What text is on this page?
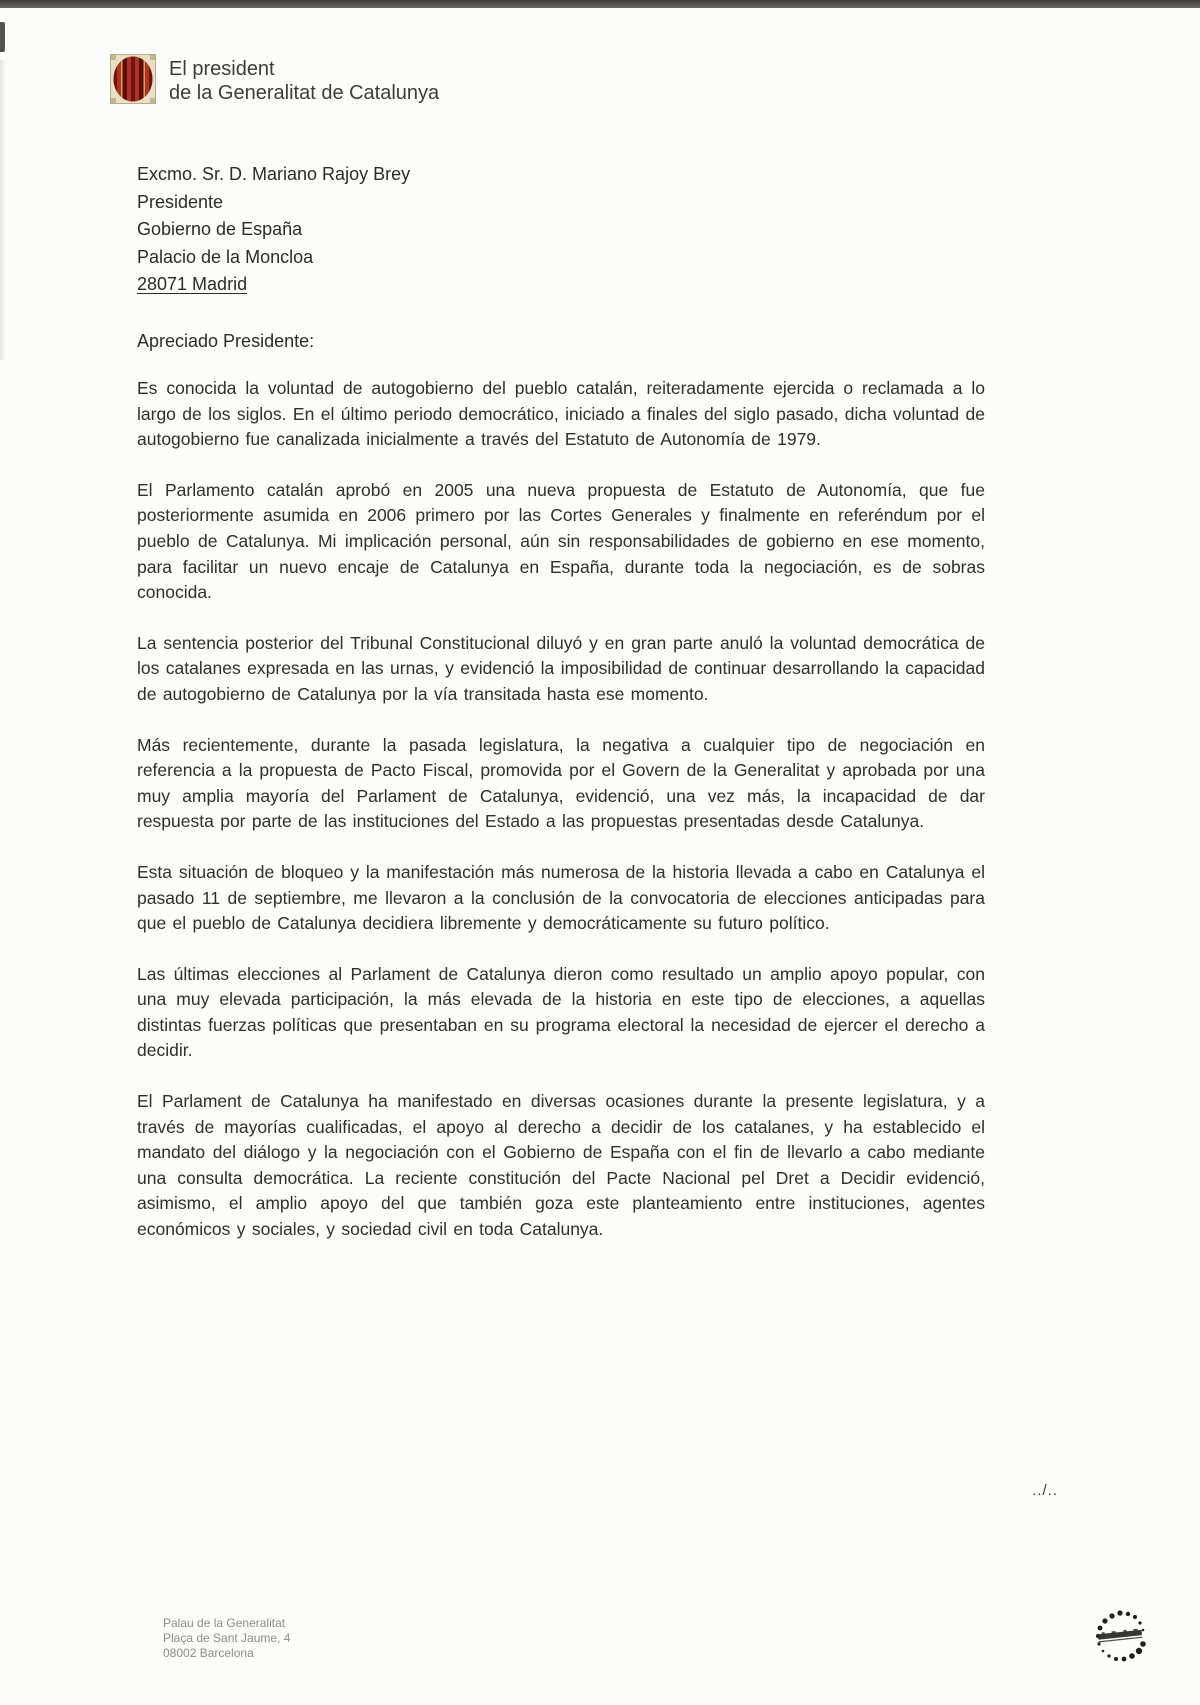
El president
de la Generalitat de Catalunya
Excmo. Sr. D. Mariano Rajoy Brey
Presidente
Gobierno de España
Palacio de la Moncloa
28071 Madrid
Apreciado Presidente:

Es conocida la voluntad de autogobierno del pueblo catalán, reiteradamente ejercida o reclamada a lo largo de los siglos. En el último periodo democrático, iniciado a finales del siglo pasado, dicha voluntad de autogobierno fue canalizada inicialmente a través del Estatuto de Autonomía de 1979.

El Parlamento catalán aprobó en 2005 una nueva propuesta de Estatuto de Autonomía, que fue posteriormente asumida en 2006 primero por las Cortes Generales y finalmente en referéndum por el pueblo de Catalunya. Mi implicación personal, aún sin responsabilidades de gobierno en ese momento, para facilitar un nuevo encaje de Catalunya en España, durante toda la negociación, es de sobras conocida.

La sentencia posterior del Tribunal Constitucional diluyó y en gran parte anuló la voluntad democrática de los catalanes expresada en las urnas, y evidenció la imposibilidad de continuar desarrollando la capacidad de autogobierno de Catalunya por la vía transitada hasta ese momento.

Más recientemente, durante la pasada legislatura, la negativa a cualquier tipo de negociación en referencia a la propuesta de Pacto Fiscal, promovida por el Govern de la Generalitat y aprobada por una muy amplia mayoría del Parlament de Catalunya, evidenció, una vez más, la incapacidad de dar respuesta por parte de las instituciones del Estado a las propuestas presentadas desde Catalunya.

Esta situación de bloqueo y la manifestación más numerosa de la historia llevada a cabo en Catalunya el pasado 11 de septiembre, me llevaron a la conclusión de la convocatoria de elecciones anticipadas para que el pueblo de Catalunya decidiera libremente y democráticamente su futuro político.

Las últimas elecciones al Parlament de Catalunya dieron como resultado un amplio apoyo popular, con una muy elevada participación, la más elevada de la historia en este tipo de elecciones, a aquellas distintas fuerzas políticas que presentaban en su programa electoral la necesidad de ejercer el derecho a decidir.

El Parlament de Catalunya ha manifestado en diversas ocasiones durante la presente legislatura, y a través de mayorías cualificadas, el apoyo al derecho a decidir de los catalanes, y ha establecido el mandato del diálogo y la negociación con el Gobierno de España con el fin de llevarlo a cabo mediante una consulta democrática. La reciente constitución del Pacte Nacional pel Dret a Decidir evidenció, asimismo, el amplio apoyo del que también goza este planteamiento entre instituciones, agentes económicos y sociales, y sociedad civil en toda Catalunya.

../..
Palau de la Generalitat
Plaça de Sant Jaume, 4
08002 Barcelona
